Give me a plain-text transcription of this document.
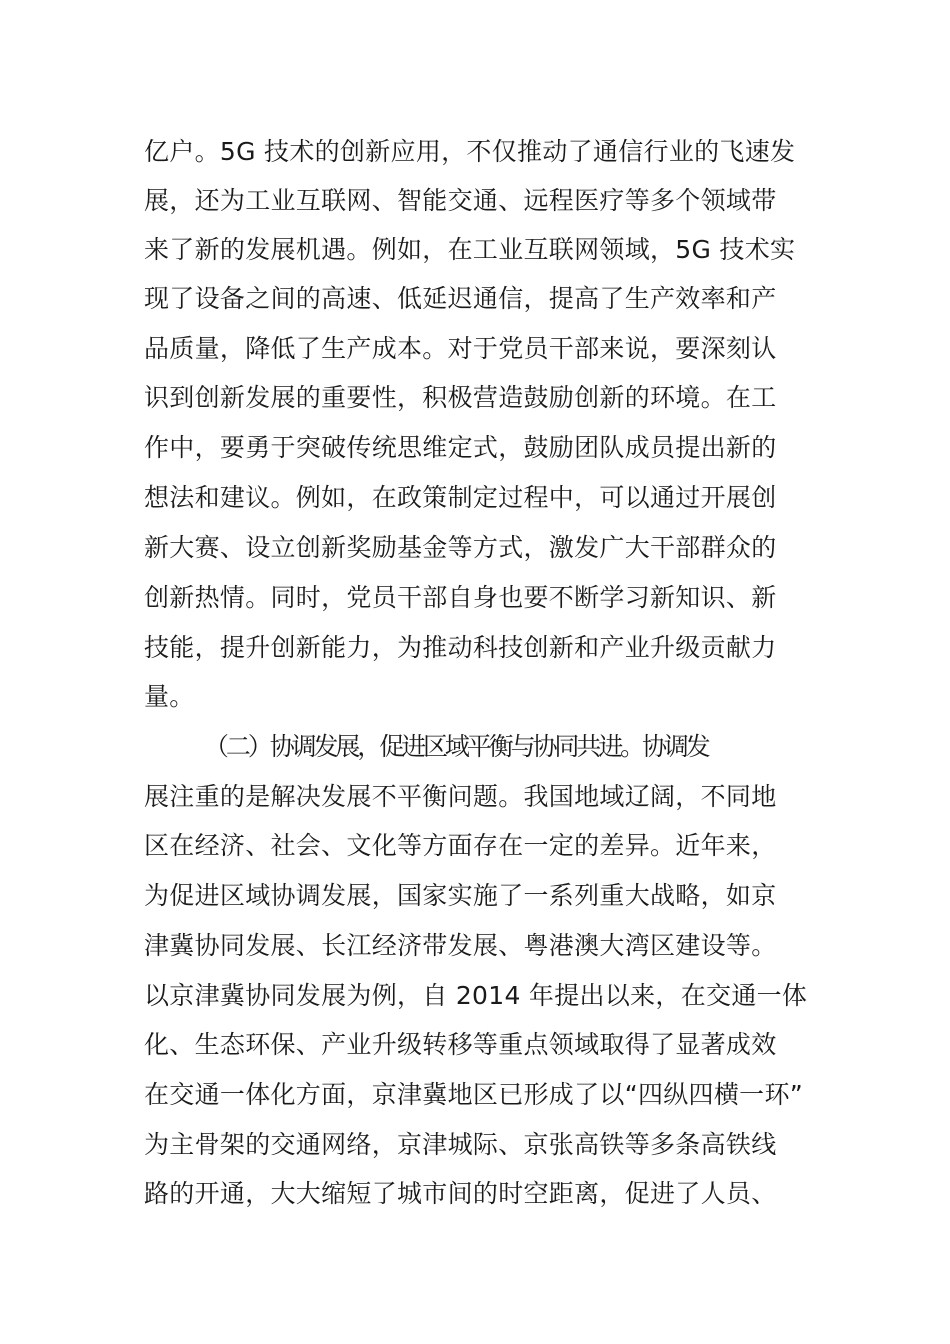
亿户。5G 技术的创新应用，不仅推动了通信行业的飞速发
展，还为工业互联网、智能交通、远程医疗等多个领域带
来了新的发展机遇。例如，在工业互联网领域，5G 技术实
现了设备之间的高速、低延迟通信，提高了生产效率和产
品质量，降低了生产成本。对于党员干部来说，要深刻认
识到创新发展的重要性，积极营造鼓励创新的环境。在工
作中，要勇于突破传统思维定式，鼓励团队成员提出新的
想法和建议。例如，在政策制定过程中，可以通过开展创
新大赛、设立创新奖励基金等方式，激发广大干部群众的
创新热情。同时，党员干部自身也要不断学习新知识、新
技能，提升创新能力，为推动科技创新和产业升级贡献力
量。
（二）协调发展，促进区域平衡与协同共进。协调发
展注重的是解决发展不平衡问题。我国地域辽阔，不同地
区在经济、社会、文化等方面存在一定的差异。近年来，
为促进区域协调发展，国家实施了一系列重大战略，如京
津冀协同发展、长江经济带发展、粤港澳大湾区建设等。
以京津冀协同发展为例，自 2014 年提出以来，在交通一体
化、生态环保、产业升级转移等重点领域取得了显著成效
在交通一体化方面，京津冀地区已形成了以“四纵四横一环”
为主骨架的交通网络，京津城际、京张高铁等多条高铁线
路的开通，大大缩短了城市间的时空距离，促进了人员、
